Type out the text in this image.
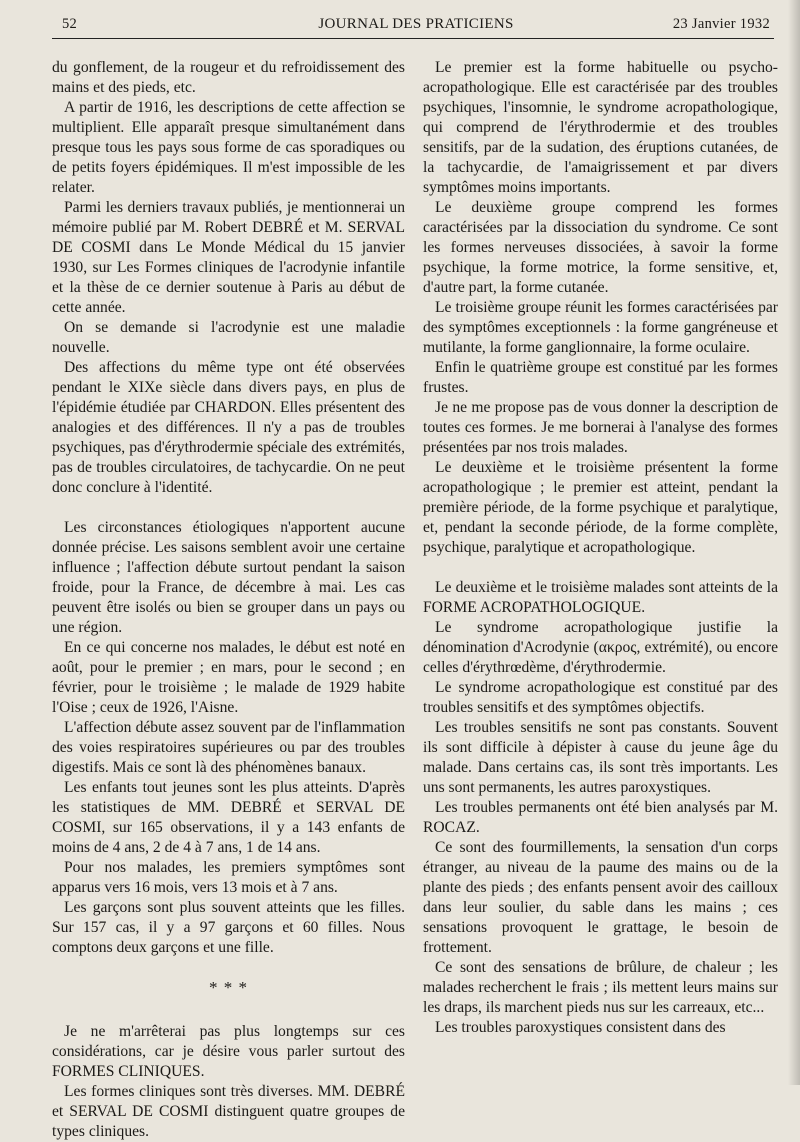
52	JOURNAL DES PRATICIENS	23 Janvier 1932

du gonflement, de la rougeur et du refroidissement des mains et des pieds, etc.

A partir de 1916, les descriptions de cette affection se multiplient. Elle apparaît presque simultanément dans presque tous les pays sous forme de cas sporadiques ou de petits foyers épidémiques. Il m'est impossible de les relater.

Parmi les derniers travaux publiés, je mentionnerai un mémoire publié par M. Robert DEBRÉ et M. SERVAL DE COSMI dans Le Monde Médical du 15 janvier 1930, sur Les Formes cliniques de l'acrodynie infantile et la thèse de ce dernier soutenue à Paris au début de cette année.

On se demande si l'acrodynie est une maladie nouvelle.

Des affections du même type ont été observées pendant le XIXe siècle dans divers pays, en plus de l'épidémie étudiée par CHARDON. Elles présentent des analogies et des différences. Il n'y a pas de troubles psychiques, pas d'érythrodermie spéciale des extrémités, pas de troubles circulatoires, de tachycardie. On ne peut donc conclure à l'identité.

Les circonstances étiologiques n'apportent aucune donnée précise. Les saisons semblent avoir une certaine influence ; l'affection débute surtout pendant la saison froide, pour la France, de décembre à mai. Les cas peuvent être isolés ou bien se grouper dans un pays ou une région.

En ce qui concerne nos malades, le début est noté en août, pour le premier ; en mars, pour le second ; en février, pour le troisième ; le malade de 1929 habite l'Oise ; ceux de 1926, l'Aisne.

L'affection débute assez souvent par de l'inflammation des voies respiratoires supérieures ou par des troubles digestifs. Mais ce sont là des phénomènes banaux.

Les enfants tout jeunes sont les plus atteints. D'après les statistiques de MM. DEBRÉ et SERVAL DE COSMI, sur 165 observations, il y a 143 enfants de moins de 4 ans, 2 de 4 à 7 ans, 1 de 14 ans.

Pour nos malades, les premiers symptômes sont apparus vers 16 mois, vers 13 mois et à 7 ans.

Les garçons sont plus souvent atteints que les filles. Sur 157 cas, il y a 97 garçons et 60 filles. Nous comptons deux garçons et une fille.

* * *

Je ne m'arrêterai pas plus longtemps sur ces considérations, car je désire vous parler surtout des FORMES CLINIQUES.

Les formes cliniques sont très diverses. MM. DEBRÉ et SERVAL DE COSMI distinguent quatre groupes de types cliniques.

Le premier est la forme habituelle ou psycho-acropathologique. Elle est caractérisée par des troubles psychiques, l'insomnie, le syndrome acropathologique, qui comprend de l'érythrodermie et des troubles sensitifs, par de la sudation, des éruptions cutanées, de la tachycardie, de l'amaigrissement et par divers symptômes moins importants.

Le deuxième groupe comprend les formes caractérisées par la dissociation du syndrome. Ce sont les formes nerveuses dissociées, à savoir la forme psychique, la forme motrice, la forme sensitive, et, d'autre part, la forme cutanée.

Le troisième groupe réunit les formes caractérisées par des symptômes exceptionnels : la forme gangréneuse et mutilante, la forme ganglionnaire, la forme oculaire.

Enfin le quatrième groupe est constitué par les formes frustes.

Je ne me propose pas de vous donner la description de toutes ces formes. Je me bornerai à l'analyse des formes présentées par nos trois malades.

Le deuxième et le troisième présentent la forme acropathologique ; le premier est atteint, pendant la première période, de la forme psychique et paralytique, et, pendant la seconde période, de la forme complète, psychique, paralytique et acropathologique.

Le deuxième et le troisième malades sont atteints de la FORME ACROPATHOLOGIQUE.

Le syndrome acropathologique justifie la dénomination d'Acrodynie (ακρος, extrémité), ou encore celles d'érythrœdème, d'érythrodermie.

Le syndrome acropathologique est constitué par des troubles sensitifs et des symptômes objectifs.

Les troubles sensitifs ne sont pas constants. Souvent ils sont difficile à dépister à cause du jeune âge du malade. Dans certains cas, ils sont très importants. Les uns sont permanents, les autres paroxystiques.

Les troubles permanents ont été bien analysés par M. ROCAZ.

Ce sont des fourmillements, la sensation d'un corps étranger, au niveau de la paume des mains ou de la plante des pieds ; des enfants pensent avoir des cailloux dans leur soulier, du sable dans les mains ; ces sensations provoquent le grattage, le besoin de frottement.

Ce sont des sensations de brûlure, de chaleur ; les malades recherchent le frais ; ils mettent leurs mains sur les draps, ils marchent pieds nus sur les carreaux, etc...

Les troubles paroxystiques consistent dans des
